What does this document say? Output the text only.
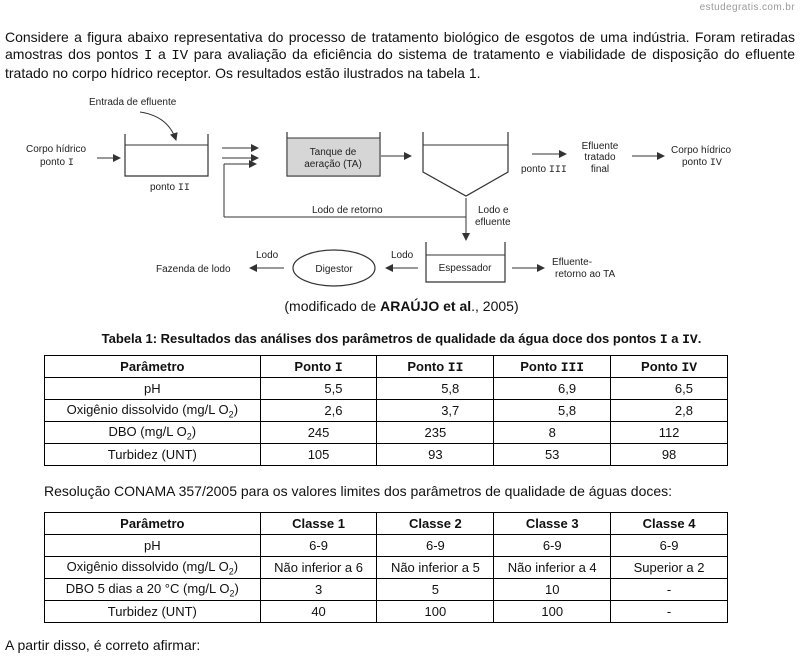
estudegratis.com.br
Considere a figura abaixo representativa do processo de tratamento biológico de esgotos de uma indústria. Foram retiradas amostras dos pontos I a IV para avaliação da eficiência do sistema de tratamento e viabilidade de disposição do efluente tratado no corpo hídrico receptor. Os resultados estão ilustrados na tabela 1.
Entrada de efluente
Corpo hídrico
ponto I
ponto II
Tanque de
aeração (TA)	ponto III
Efluente
tratado
final
Corpo hídrico
ponto IV
Lodo de retorno	Lodo e
efluente
Espessador
Efluente-
retorno ao TA
Lodo
Digestor
Lodo
Fazenda de lodo
(modificado de ARAÚJO et al., 2005)
Tabela 1: Resultados das análises dos parâmetros de qualidade da água doce dos pontos I a IV.
Parâmetro	Ponto I	Ponto II	Ponto III	Ponto IV
pH	5,5	5,8	6,9	6,5
Oxigênio dissolvido (mg/L $O_2$)	2,6	3,7	5,8	2,8
DBO (mg/L $O_2$)	245	235	8	112
Turbidez (UNT)	105	93	53	98
Resolução CONAMA 357/2005 para os valores limites dos parâmetros de qualidade de águas doces:
Parâmetro	Classe 1	Classe 2	Classe 3	Classe 4
pH	6-9	6-9	6-9	6-9
Oxigênio dissolvido (mg/L $O_2$)	Não inferior a 6	Não inferior a 5	Não inferior a 4	Superior a 2
DBO 5 dias a 20 °C (mg/L $O_2$)	3	5	10	-
Turbidez (UNT)	40	100	100	-
A partir disso, é correto afirmar:
